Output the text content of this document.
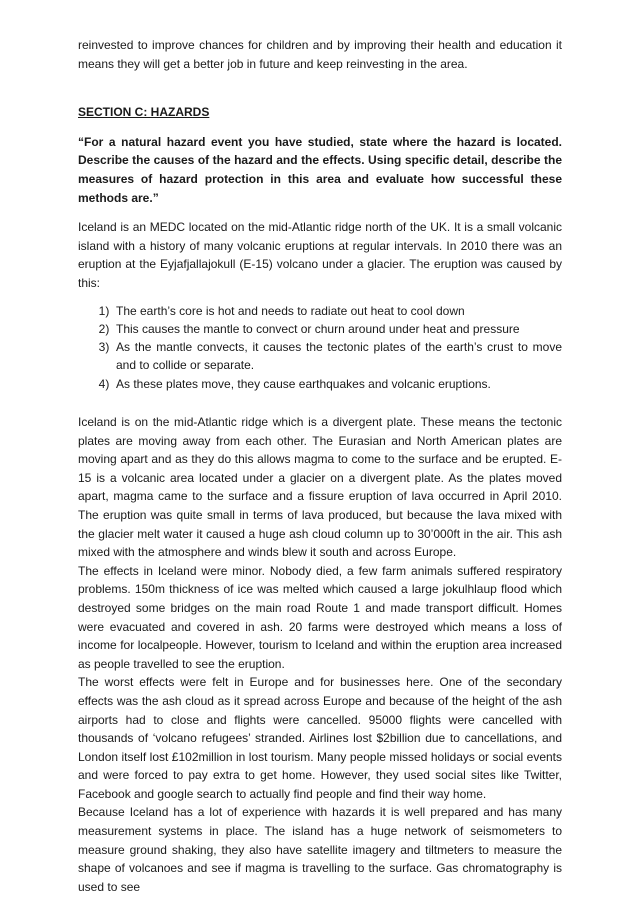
reinvested to improve chances for children and by improving their health and education it means they will get a better job in future and keep reinvesting in the area.

SECTION C: HAZARDS

“For a natural hazard event you have studied, state where the hazard is located. Describe the causes of the hazard and the effects. Using specific detail, describe the measures of hazard protection in this area and evaluate how successful these methods are.”

Iceland is an MEDC located on the mid-Atlantic ridge north of the UK. It is a small volcanic island with a history of many volcanic eruptions at regular intervals. In 2010 there was an eruption at the Eyjafjallajokull (E-15) volcano under a glacier. The eruption was caused by this:

1. The earth’s core is hot and needs to radiate out heat to cool down
2. This causes the mantle to convect or churn around under heat and pressure
3. As the mantle convects, it causes the tectonic plates of the earth’s crust to move and to collide or separate.
4. As these plates move, they cause earthquakes and volcanic eruptions.

Iceland is on the mid-Atlantic ridge which is a divergent plate. These means the tectonic plates are moving away from each other. The Eurasian and North American plates are moving apart and as they do this allows magma to come to the surface and be erupted. E-15 is a volcanic area located under a glacier on a divergent plate. As the plates moved apart, magma came to the surface and a fissure eruption of lava occurred in April 2010. The eruption was quite small in terms of lava produced, but because the lava mixed with the glacier melt water it caused a huge ash cloud column up to 30’000ft in the air. This ash mixed with the atmosphere and winds blew it south and across Europe.

The effects in Iceland were minor. Nobody died, a few farm animals suffered respiratory problems. 150m thickness of ice was melted which caused a large jokulhlaup flood which destroyed some bridges on the main road Route 1 and made transport difficult. Homes were evacuated and covered in ash. 20 farms were destroyed which means a loss of income for localpeople. However, tourism to Iceland and within the eruption area increased as people travelled to see the eruption.

The worst effects were felt in Europe and for businesses here. One of the secondary effects was the ash cloud as it spread across Europe and because of the height of the ash airports had to close and flights were cancelled. 95000 flights were cancelled with thousands of ‘volcano refugees’ stranded. Airlines lost $2billion due to cancellations, and London itself lost £102million in lost tourism. Many people missed holidays or social events and were forced to pay extra to get home. However, they used social sites like Twitter, Facebook and google search to actually find people and find their way home.

Because Iceland has a lot of experience with hazards it is well prepared and has many measurement systems in place. The island has a huge network of seismometers to measure ground shaking, they also have satellite imagery and tiltmeters to measure the shape of volcanoes and see if magma is travelling to the surface. Gas chromatography is used to see
